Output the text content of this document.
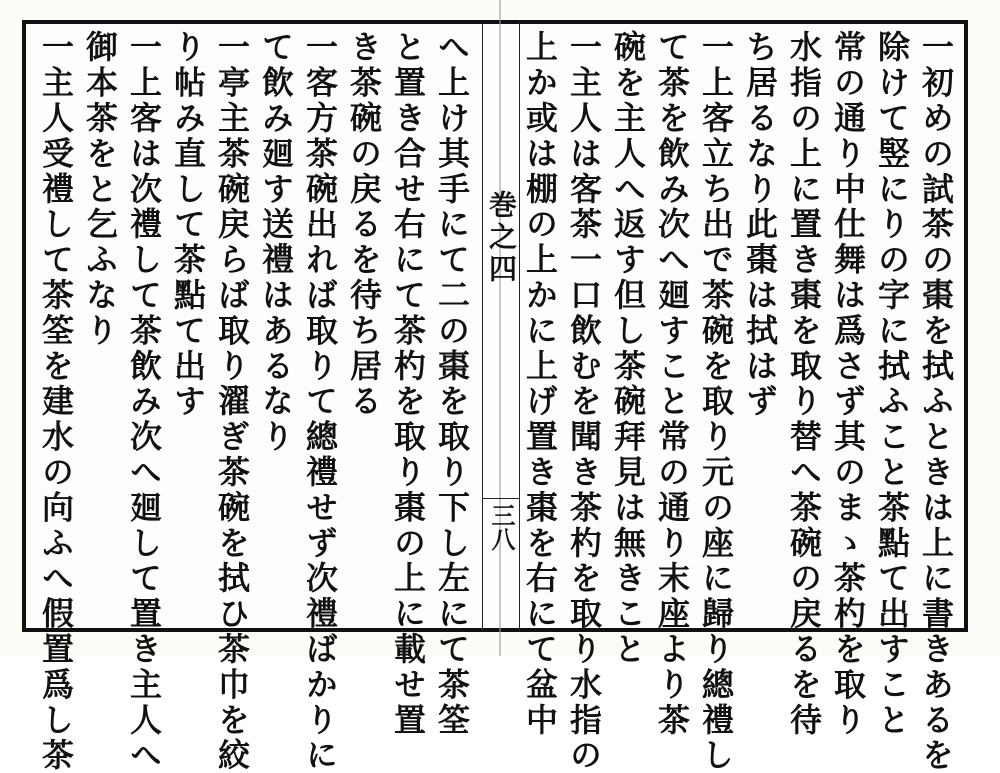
巻之四
三八	一初めの試茶の棗を拭ふときは上に書きあるを
除けて竪にりの字に拭ふこと茶點て出すこと
常の通り中仕舞は爲さず其のまゝ茶杓を取り
水指の上に置き棗を取り替へ茶碗の戻るを待
ち居るなり此棗は拭はず
一上客立ち出で茶碗を取り元の座に歸り總禮し
て茶を飲み次へ廻すこと常の通り末座より茶
碗を主人へ返す但し茶碗拜見は無きこと
一主人は客茶一口飲むを聞き茶杓を取り水指の
上か或は棚の上かに上げ置き棗を右にて盆中
へ上け其手にて二の棗を取り下し左にて茶筌
と置き合せ右にて茶杓を取り棗の上に載せ置
き茶碗の戻るを待ち居る
一客方茶碗出れば取りて總禮せず次禮ばかりに
て飲み廻す送禮はあるなり
一亭主茶碗戻らば取り濯ぎ茶碗を拭ひ茶巾を絞
り帖み直して茶點て出す
一上客は次禮して茶飲み次へ廻して置き主人へ
御本茶をと乞ふなり
一主人受禮して茶筌を建水の向ふへ假置爲し茶
